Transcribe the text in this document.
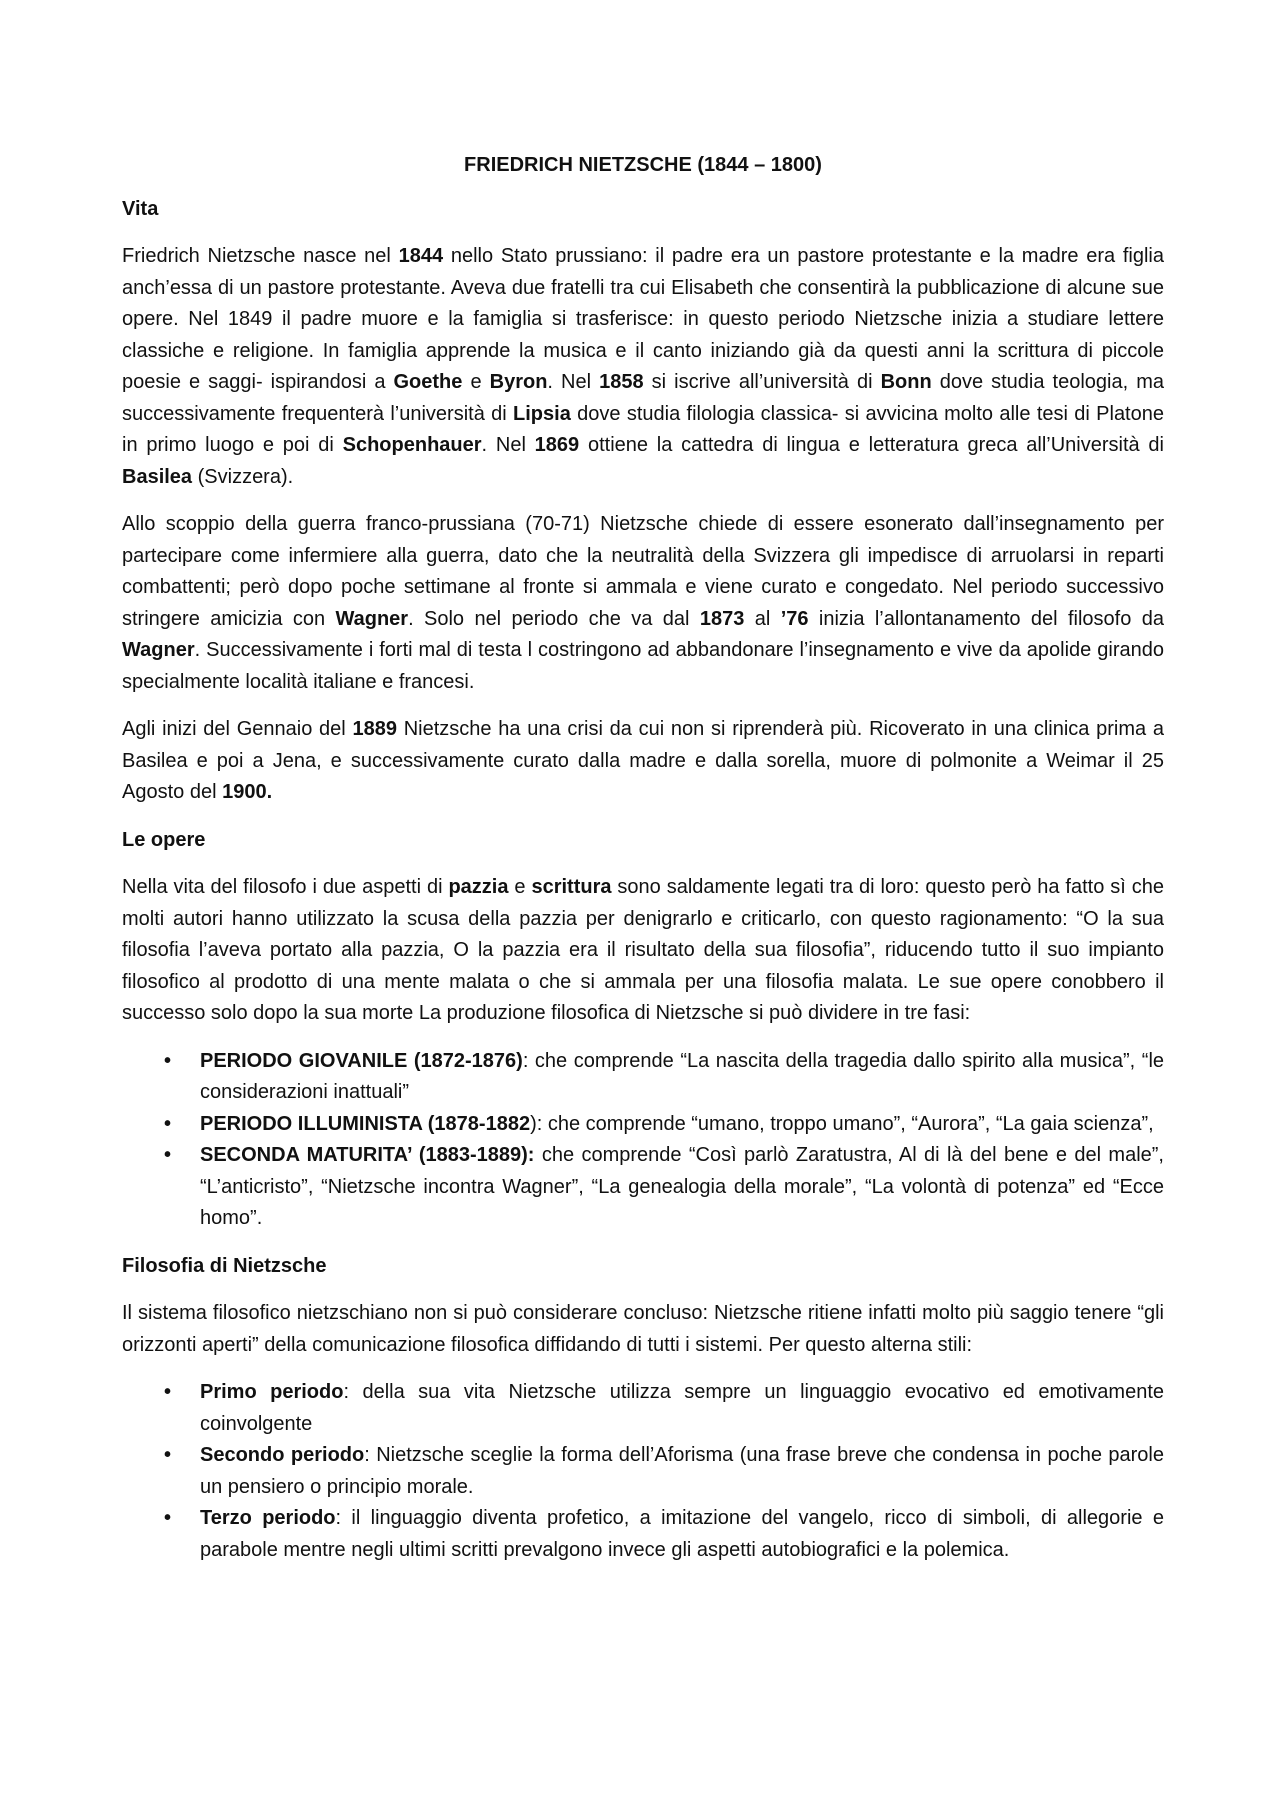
FRIEDRICH NIETZSCHE (1844 – 1800)
Vita

Friedrich Nietzsche nasce nel 1844 nello Stato prussiano: il padre era un pastore protestante e la madre era figlia anch’essa di un pastore protestante. Aveva due fratelli tra cui Elisabeth che consentirà la pubblicazione di alcune sue opere. Nel 1849 il padre muore e la famiglia si trasferisce: in questo periodo Nietzsche inizia a studiare lettere classiche e religione. In famiglia apprende la musica e il canto iniziando già da questi anni la scrittura di piccole poesie e saggi- ispirandosi a Goethe e Byron. Nel 1858 si iscrive all’università di Bonn dove studia teologia, ma successivamente frequenterà l’università di Lipsia dove studia filologia classica- si avvicina molto alle tesi di Platone in primo luogo e poi di Schopenhauer. Nel 1869 ottiene la cattedra di lingua e letteratura greca all’Università di Basilea (Svizzera).

Allo scoppio della guerra franco-prussiana (70-71) Nietzsche chiede di essere esonerato dall’insegnamento per partecipare come infermiere alla guerra, dato che la neutralità della Svizzera gli impedisce di arruolarsi in reparti combattenti; però dopo poche settimane al fronte si ammala e viene curato e congedato. Nel periodo successivo stringere amicizia con Wagner. Solo nel periodo che va dal 1873 al ’76 inizia l’allontanamento del filosofo da Wagner. Successivamente i forti mal di testa l costringono ad abbandonare l’insegnamento e vive da apolide girando specialmente località italiane e francesi.

Agli inizi del Gennaio del 1889 Nietzsche ha una crisi da cui non si riprenderà più. Ricoverato in una clinica prima a Basilea e poi a Jena, e successivamente curato dalla madre e dalla sorella, muore di polmonite a Weimar il 25 Agosto del 1900.

Le opere

Nella vita del filosofo i due aspetti di pazzia e scrittura sono saldamente legati tra di loro: questo però ha fatto sì che molti autori hanno utilizzato la scusa della pazzia per denigrarlo e criticarlo, con questo ragionamento: “O la sua filosofia l’aveva portato alla pazzia, O la pazzia era il risultato della sua filosofia”, riducendo tutto il suo impianto filosofico al prodotto di una mente malata o che si ammala per una filosofia malata. Le sue opere conobbero il successo solo dopo la sua morte La produzione filosofica di Nietzsche si può dividere in tre fasi:

• PERIODO GIOVANILE (1872-1876): che comprende “La nascita della tragedia dallo spirito alla musica”, “le considerazioni inattuali”
• PERIODO ILLUMINISTA (1878-1882): che comprende “umano, troppo umano”, “Aurora”, “La gaia scienza”,
• SECONDA MATURITA’ (1883-1889): che comprende “Così parlò Zaratustra, Al di là del bene e del male”, “L’anticristo”, “Nietzsche incontra Wagner”, “La genealogia della morale”, “La volontà di potenza” ed “Ecce homo”.
Filosofia di Nietzsche

Il sistema filosofico nietzschiano non si può considerare concluso: Nietzsche ritiene infatti molto più saggio tenere “gli orizzonti aperti” della comunicazione filosofica diffidando di tutti i sistemi. Per questo alterna stili:

• Primo periodo: della sua vita Nietzsche utilizza sempre un linguaggio evocativo ed emotivamente coinvolgente
• Secondo periodo: Nietzsche sceglie la forma dell’Aforisma (una frase breve che condensa in poche parole un pensiero o principio morale.
• Terzo periodo: il linguaggio diventa profetico, a imitazione del vangelo, ricco di simboli, di allegorie e parabole mentre negli ultimi scritti prevalgono invece gli aspetti autobiografici e la polemica.
